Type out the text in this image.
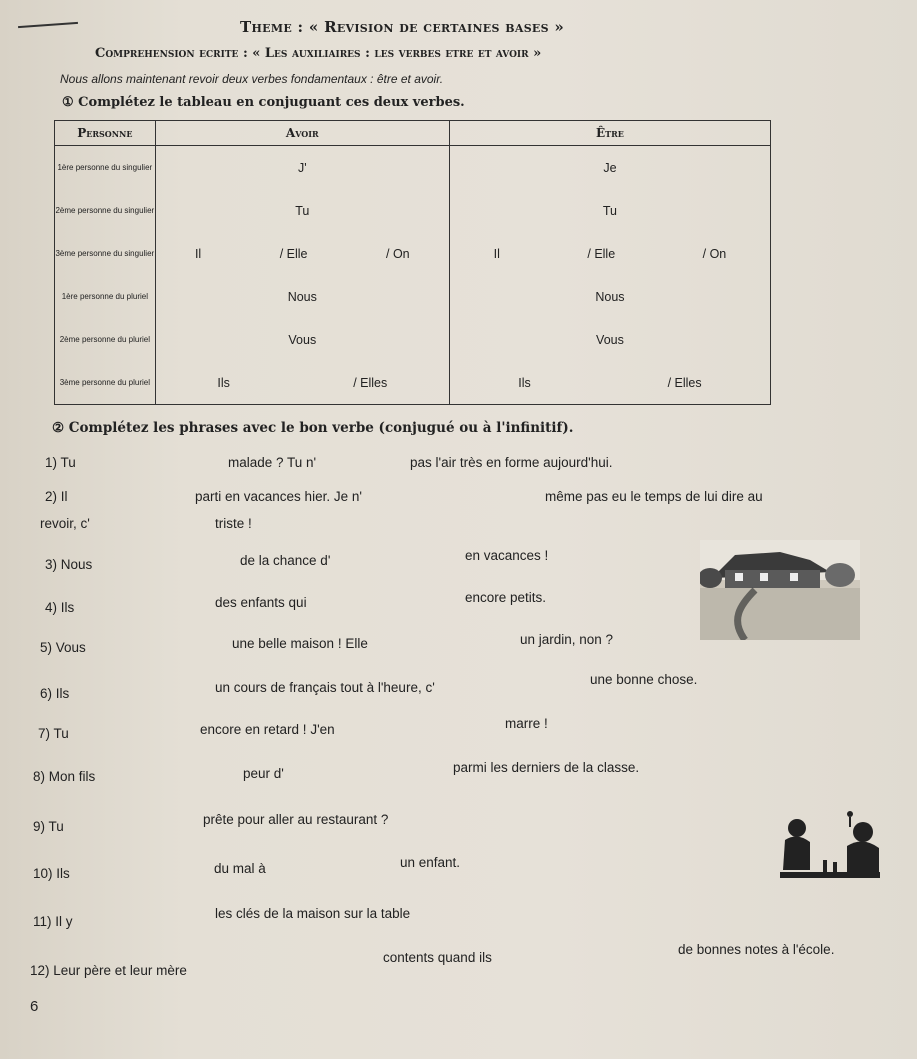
Theme : « Revision de certaines bases »
Comprehension ecrite : « Les auxiliaires : les verbes etre et avoir »
Nous allons maintenant revoir deux verbes fondamentaux : être et avoir.
① Complétez le tableau en conjuguant ces deux verbes.
Personne	Avoir	Être
1ère personne du singulier	J'	Je

2ème personne du singulier	Tu	Tu

3ème personne du singulier	Il / Elle / On	Il / Elle / On

1ère personne du pluriel	Nous	Nous

2ème personne du pluriel	Vous	Vous

3ème personne du pluriel	Ils / Elles	Ils / Elles
② Complétez les phrases avec le bon verbe (conjugué ou à l'infinitif).
1) Tu	malade ? Tu n'	pas l'air très en forme aujourd'hui.
2) Il	parti en vacances hier. Je n'	même pas eu le temps de lui dire au
revoir, c'	triste !
3) Nous	de la chance d'	en vacances !
4) Ils	des enfants qui	encore petits.
5) Vous	une belle maison ! Elle	un jardin, non ?
6) Ils	un cours de français tout à l'heure, c'
une bonne chose.
7) Tu	encore en retard ! J'en	marre !
8) Mon fils	peur d'	parmi les derniers de la classe.
9) Tu	prête pour aller au restaurant ?
10) Ils	du mal à	un enfant.
11) Il y
les clés de la maison sur la table
12) Leur père et leur mère
contents quand ils
de bonnes notes à l'école.
6
